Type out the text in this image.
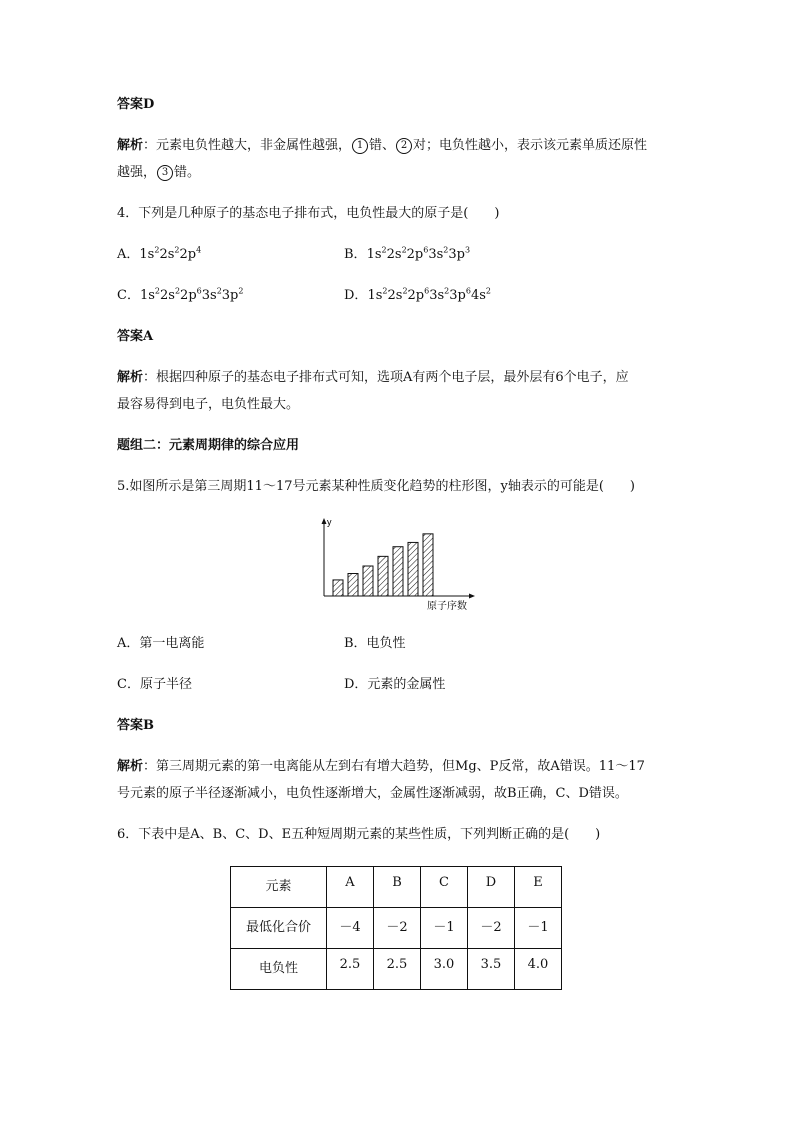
答案D
解析：元素电负性越大，非金属性越强， 1 错、 2 对；电负性越小，表示该元素单质还原性
越强， 3 错。
4．下列是几种原子的基态电子排布式，电负性最大的原子是(　　)
A．$1s^22s^22p^4$	B．$1s^22s^22p^63s^23p^3$
C．$1s^22s^22p^63s^23p^2$	D．$1s^22s^22p^63s^23p^64s^2$
答案A
解析：根据四种原子的基态电子排布式可知，选项A有两个电子层，最外层有6个电子，应
最容易得到电子，电负性最大。
题组二：元素周期律的综合应用
5.如图所示是第三周期11～17号元素某种性质变化趋势的柱形图，y轴表示的可能是(　　)
y
原子序数
A．第一电离能	B．电负性
C．原子半径	D．元素的金属性
答案B
解析：第三周期元素的第一电离能从左到右有增大趋势，但Mg、P反常，故A错误。11～17
号元素的原子半径逐渐减小，电负性逐渐增大，金属性逐渐减弱，故B正确，C、D错误。
6．下表中是A、B、C、D、E五种短周期元素的某些性质，下列判断正确的是(　　)
元素	A	B	C	D	E

最低化合价	－4	－2	－1	－2	－1

电负性	2.5	2.5	3.0	3.5	4.0
